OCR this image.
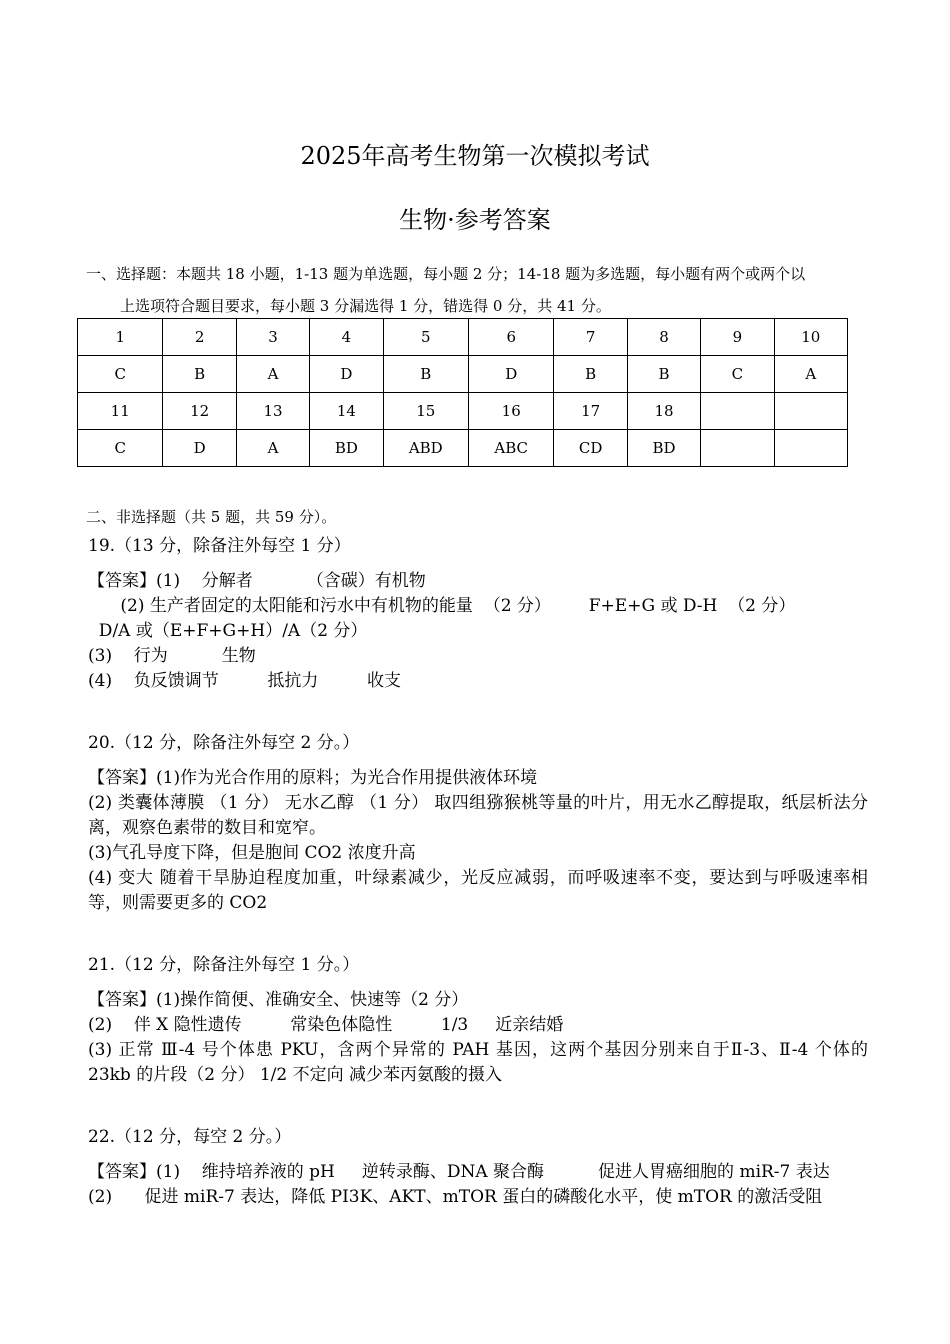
2025年高考生物第一次模拟考试
生物·参考答案
一、选择题：本题共 18 小题，1-13 题为单选题，每小题 2 分；14-18 题为多选题，每小题有两个或两个以
上选项符合题目要求，每小题 3 分漏选得 1 分，错选得 0 分，共 41 分。
1	2	3	4	5	6	7	8	9	10
C	B	A	D	B	D	B	B	C	A
11	12	13	14	15	16	17	18		
C	D	A	BD	ABD	ABC	CD	BD		
二、非选择题（共 5 题，共 59 分）。
19.（13 分，除备注外每空 1 分）
【答案】(1)    分解者          （含碳）有机物
(2) 生产者固定的太阳能和污水中有机物的能量  （2 分）       F+E+G 或 D-H  （2 分）
D/A 或（E+F+G+H）/A（2 分）
(3)    行为          生物
(4)    负反馈调节         抵抗力         收支
20.（12 分，除备注外每空 2 分。）
【答案】(1)作为光合作用的原料；为光合作用提供液体环境
(2) 类囊体薄膜 （1 分） 无水乙醇 （1 分） 取四组猕猴桃等量的叶片，用无水乙醇提取，纸层析法分离，观察色素带的数目和宽窄。
(3)气孔导度下降，但是胞间 CO2 浓度升高
(4) 变大 随着干旱胁迫程度加重，叶绿素减少，光反应减弱，而呼吸速率不变，要达到与呼吸速率相等，则需要更多的 CO2
21.（12 分，除备注外每空 1 分。）
【答案】(1)操作简便、准确安全、快速等（2 分）
(2)    伴 X 隐性遗传         常染色体隐性         1/3     近亲结婚
(3) 正常 Ⅲ-4 号个体患 PKU，含两个异常的 PAH 基因，这两个基因分别来自于Ⅱ-3、Ⅱ-4 个体的 23kb 的片段（2 分） 1/2 不定向 减少苯丙氨酸的摄入
22.（12 分，每空 2 分。）
【答案】(1)    维持培养液的 pH     逆转录酶、DNA 聚合酶          促进人胃癌细胞的 miR-7 表达
(2)      促进 miR-7 表达，降低 PI3K、AKT、mTOR 蛋白的磷酸化水平，使 mTOR 的激活受阻
